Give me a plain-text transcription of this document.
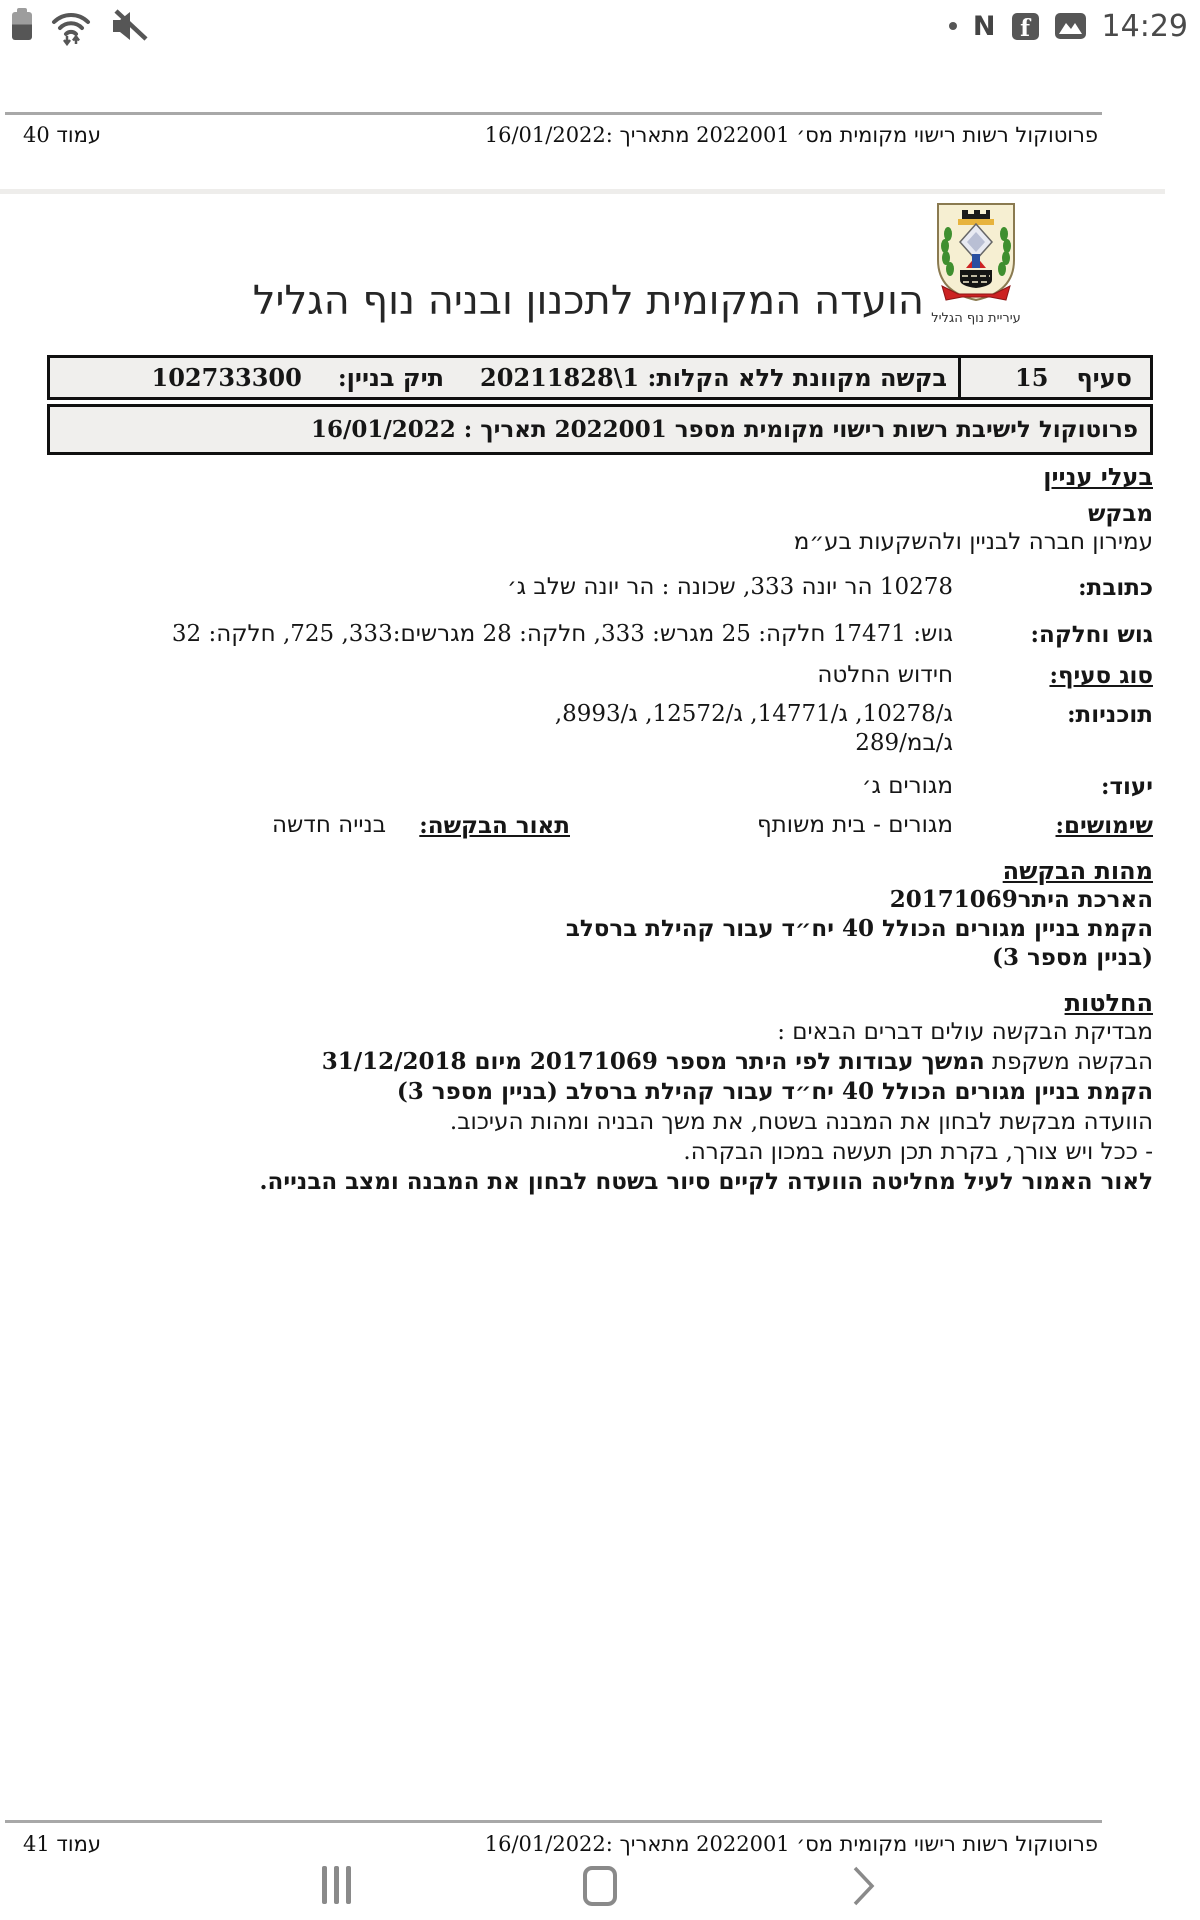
N	f 14:29
פרוטוקול רשות רישוי מקומית מס׳ 2022001 מתאריך :16/01/2022
עמוד 40
הועדה המקומית לתכנון ובניה נוף הגליל עיריית נוף הגליל
סעיף
15
בקשה מקוונת ללא הקלות: 1\20211828
תיק בניין:
102733300
פרוטוקול לישיבת רשות רישוי מקומית מספר 2022001 תאריך : 16/01/2022
בעלי עניין
מבקש
עמירון חברה לבניין ולהשקעות בע״מ
כתובת:
10278 הר יונה 333, שכונה : הר יונה שלב ג׳
גוש וחלקה:
גוש: 17471 חלקה: 25 מגרש: 333, חלקה: 28 מגרשים:333, 725, חלקה: 32
סוג סעיף:
חידוש החלטה
תוכניות:
ג/10278, ג/14771, ג/12572, ג/8993, ג/במ/289
יעוד:
מגורים ג׳
שימושים:
מגורים - בית משותף
תאור הבקשה:
בנייה חדשה
מהות הבקשה
הארכת היתר20171069
הקמת בניין מגורים הכולל 40 יח״ד עבור קהילת ברסלב
(בניין מספר 3)
החלטות
מבדיקת הבקשה עולים דברים הבאים :
הבקשה משקפת המשך עבודות לפי היתר מספר 20171069 מיום 31/12/2018
הקמת בניין מגורים הכולל 40 יח״ד עבור קהילת ברסלב (בניין מספר 3)
הוועדה מבקשת לבחון את המבנה בשטח, את משך הבניה ומהות העיכוב.
- ככל ויש צורך, בקרת תכן תעשה במכון הבקרה.
לאור האמור לעיל מחליטה הוועדה לקיים סיור בשטח לבחון את המבנה ומצב הבנייה.
פרוטוקול רשות רישוי מקומית מס׳ 2022001 מתאריך :16/01/2022
עמוד 41
